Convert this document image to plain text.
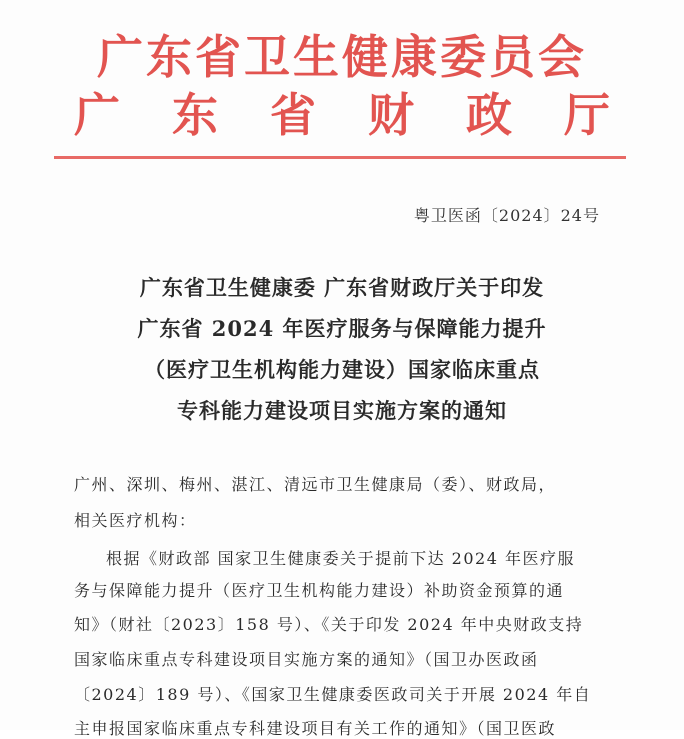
广东省卫生健康委员会
广东省财政厅
粤卫医函〔2024〕24号
广东省卫生健康委 广东省财政厅关于印发
广东省 2024 年医疗服务与保障能力提升
（医疗卫生机构能力建设）国家临床重点
专科能力建设项目实施方案的通知
广州、深圳、梅州、湛江、清远市卫生健康局（委）、财政局，
相关医疗机构：
根据《财政部 国家卫生健康委关于提前下达 2024 年医疗服
务与保障能力提升（医疗卫生机构能力建设）补助资金预算的通
知》（财社〔2023〕158 号）、《关于印发 2024 年中央财政支持
国家临床重点专科建设项目实施方案的通知》（国卫办医政函
〔2024〕189 号）、《国家卫生健康委医政司关于开展 2024 年自
主申报国家临床重点专科建设项目有关工作的通知》（国卫医政
